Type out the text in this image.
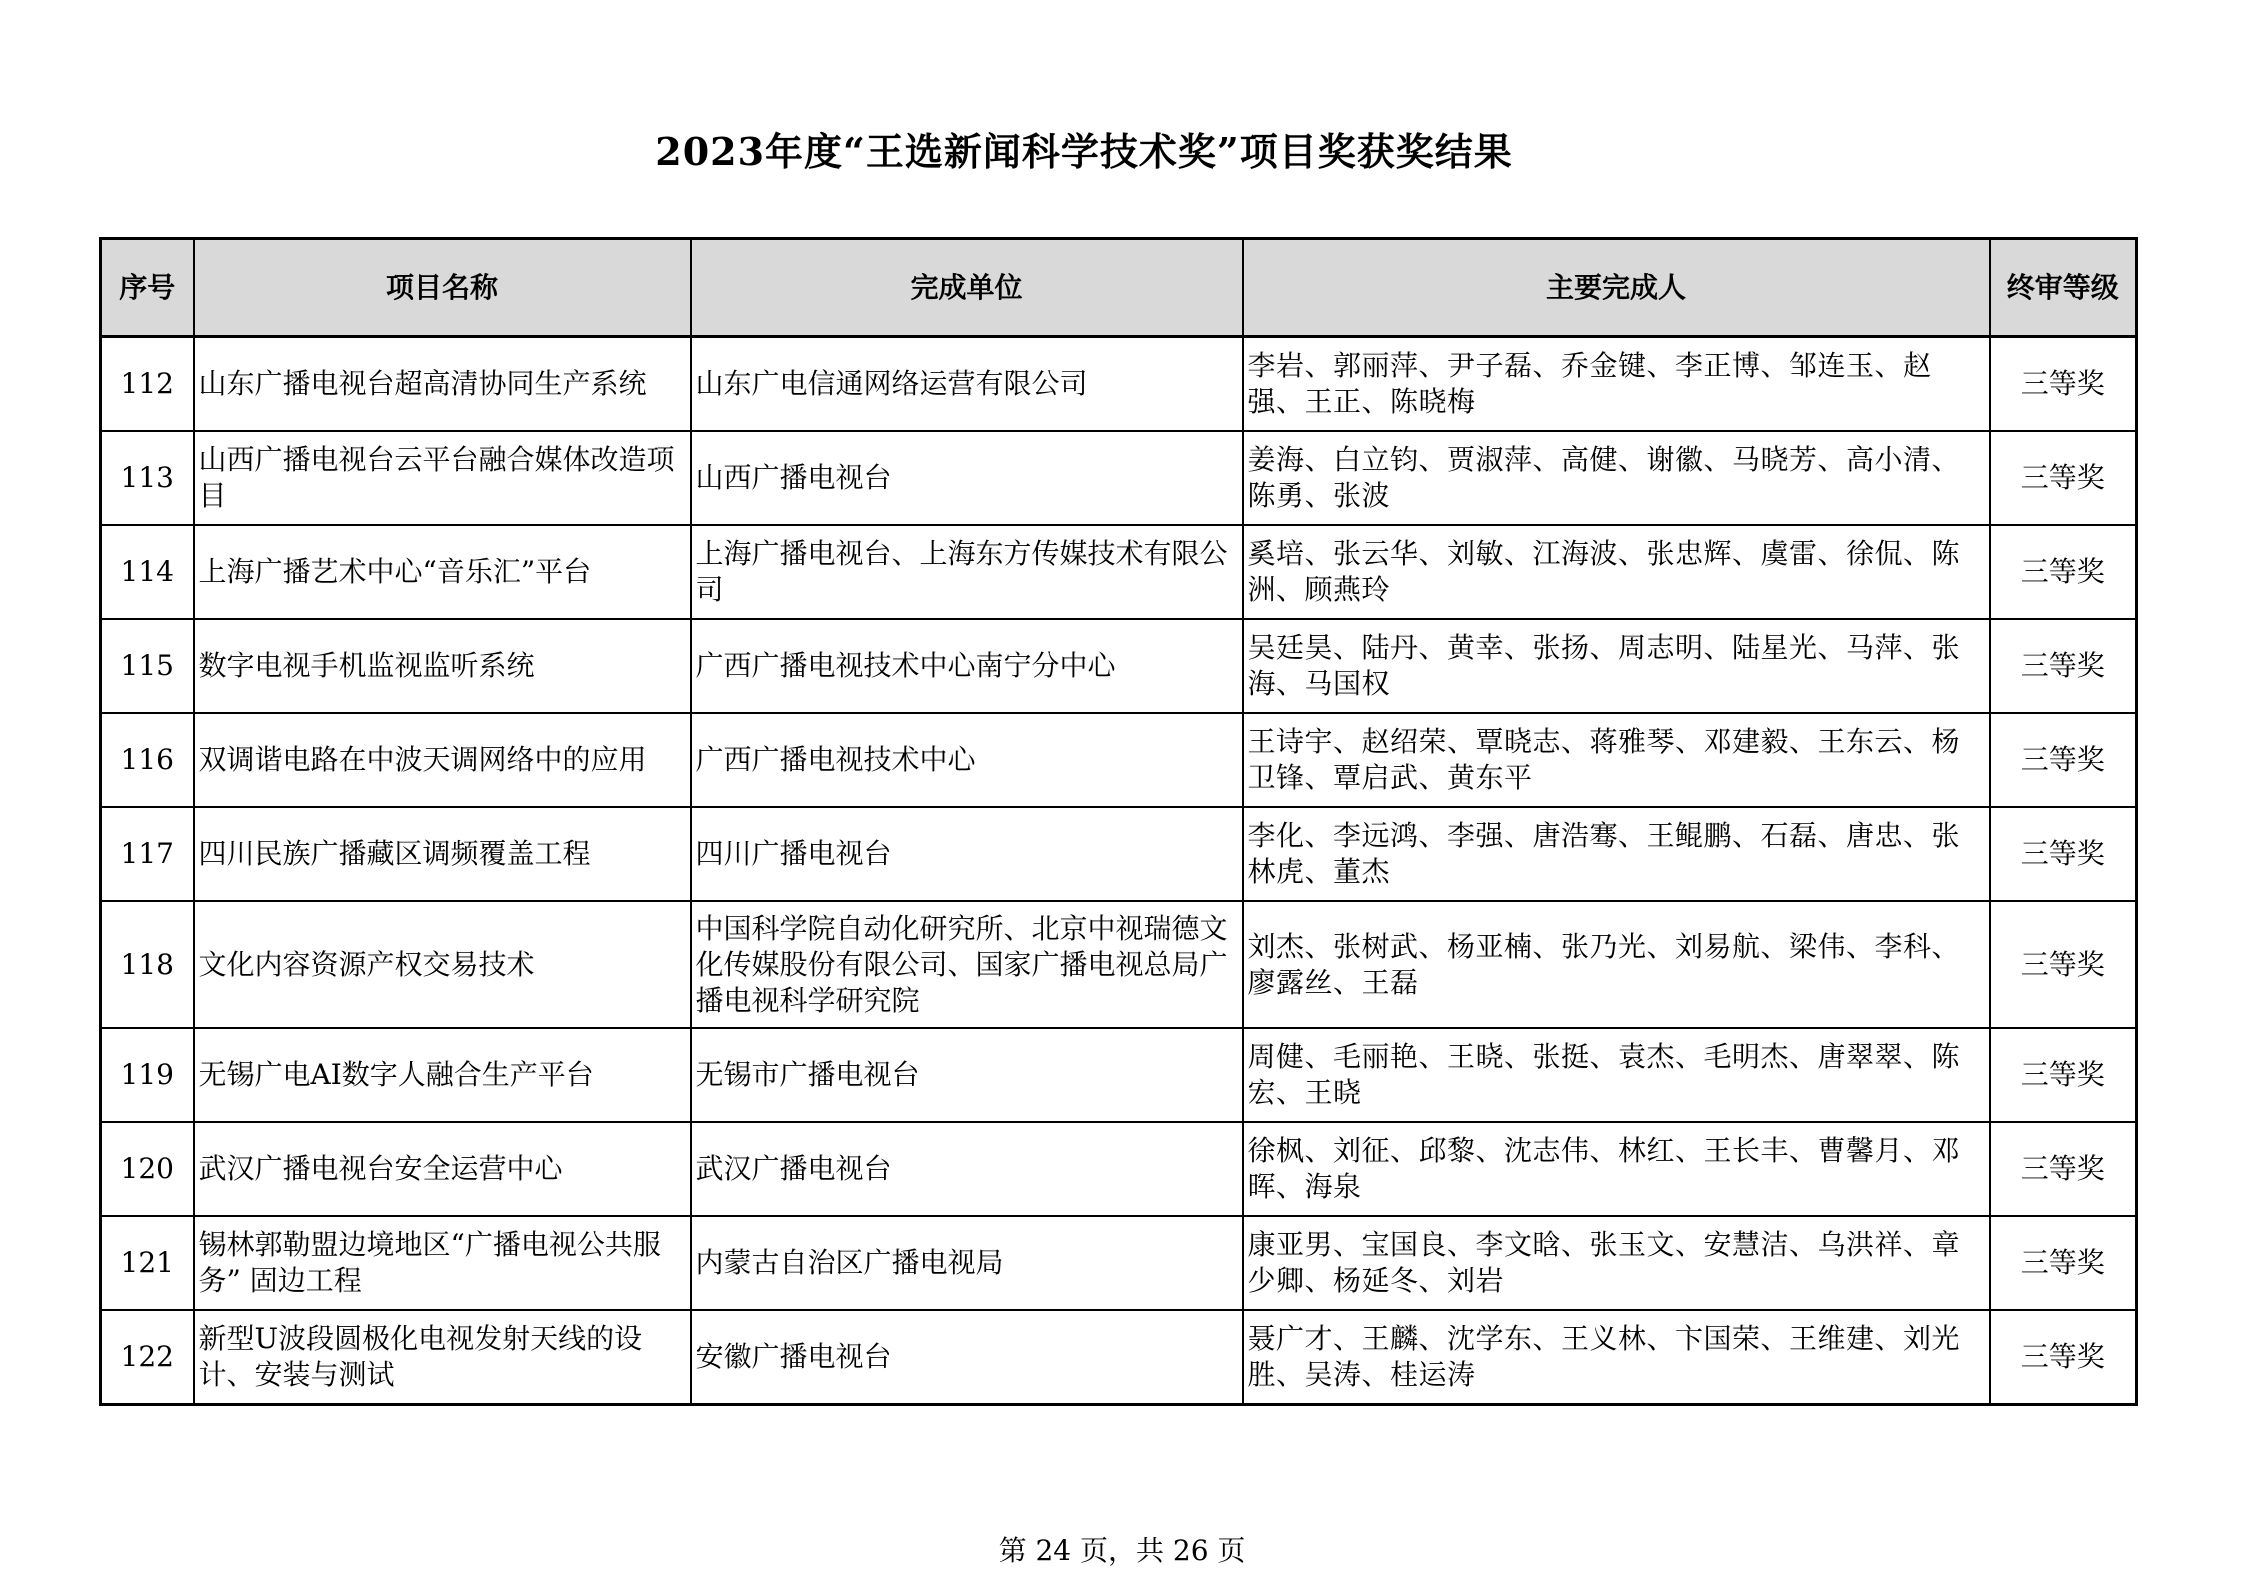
2023年度“王选新闻科学技术奖”项目奖获奖结果
序号	项目名称	完成单位	主要完成人	终审等级
112	山东广播电视台超高清协同生产系统	山东广电信通网络运营有限公司	李岩、郭丽萍、尹子磊、乔金键、李正博、邹连玉、赵强、王正、陈晓梅	三等奖
113	山西广播电视台云平台融合媒体改造项目	山西广播电视台	姜海、白立钧、贾淑萍、高健、谢徽、马晓芳、高小清、陈勇、张波	三等奖
114	上海广播艺术中心“音乐汇”平台	上海广播电视台、上海东方传媒技术有限公司	奚培、张云华、刘敏、江海波、张忠辉、虞雷、徐侃、陈洲、顾燕玲	三等奖
115	数字电视手机监视监听系统	广西广播电视技术中心南宁分中心	吴廷昊、陆丹、黄幸、张扬、周志明、陆星光、马萍、张海、马国权	三等奖
116	双调谐电路在中波天调网络中的应用	广西广播电视技术中心	王诗宇、赵绍荣、覃晓志、蒋雅琴、邓建毅、王东云、杨卫锋、覃启武、黄东平	三等奖
117	四川民族广播藏区调频覆盖工程	四川广播电视台	李化、李远鸿、李强、唐浩骞、王鲲鹏、石磊、唐忠、张林虎、董杰	三等奖
118	文化内容资源产权交易技术	中国科学院自动化研究所、北京中视瑞德文化传媒股份有限公司、国家广播电视总局广播电视科学研究院	刘杰、张树武、杨亚楠、张乃光、刘易航、梁伟、李科、廖露丝、王磊	三等奖
119	无锡广电AI数字人融合生产平台	无锡市广播电视台	周健、毛丽艳、王晓、张挺、袁杰、毛明杰、唐翠翠、陈宏、王晓	三等奖
120	武汉广播电视台安全运营中心	武汉广播电视台	徐枫、刘征、邱黎、沈志伟、林红、王长丰、曹馨月、邓晖、海泉	三等奖
121	锡林郭勒盟边境地区“广播电视公共服务” 固边工程	内蒙古自治区广播电视局	康亚男、宝国良、李文晗、张玉文、安慧洁、乌洪祥、章少卿、杨延冬、刘岩	三等奖
122	新型U波段圆极化电视发射天线的设计、安装与测试	安徽广播电视台	聂广才、王麟、沈学东、王义林、卞国荣、王维建、刘光胜、吴涛、桂运涛	三等奖
第 24 页，共 26 页
